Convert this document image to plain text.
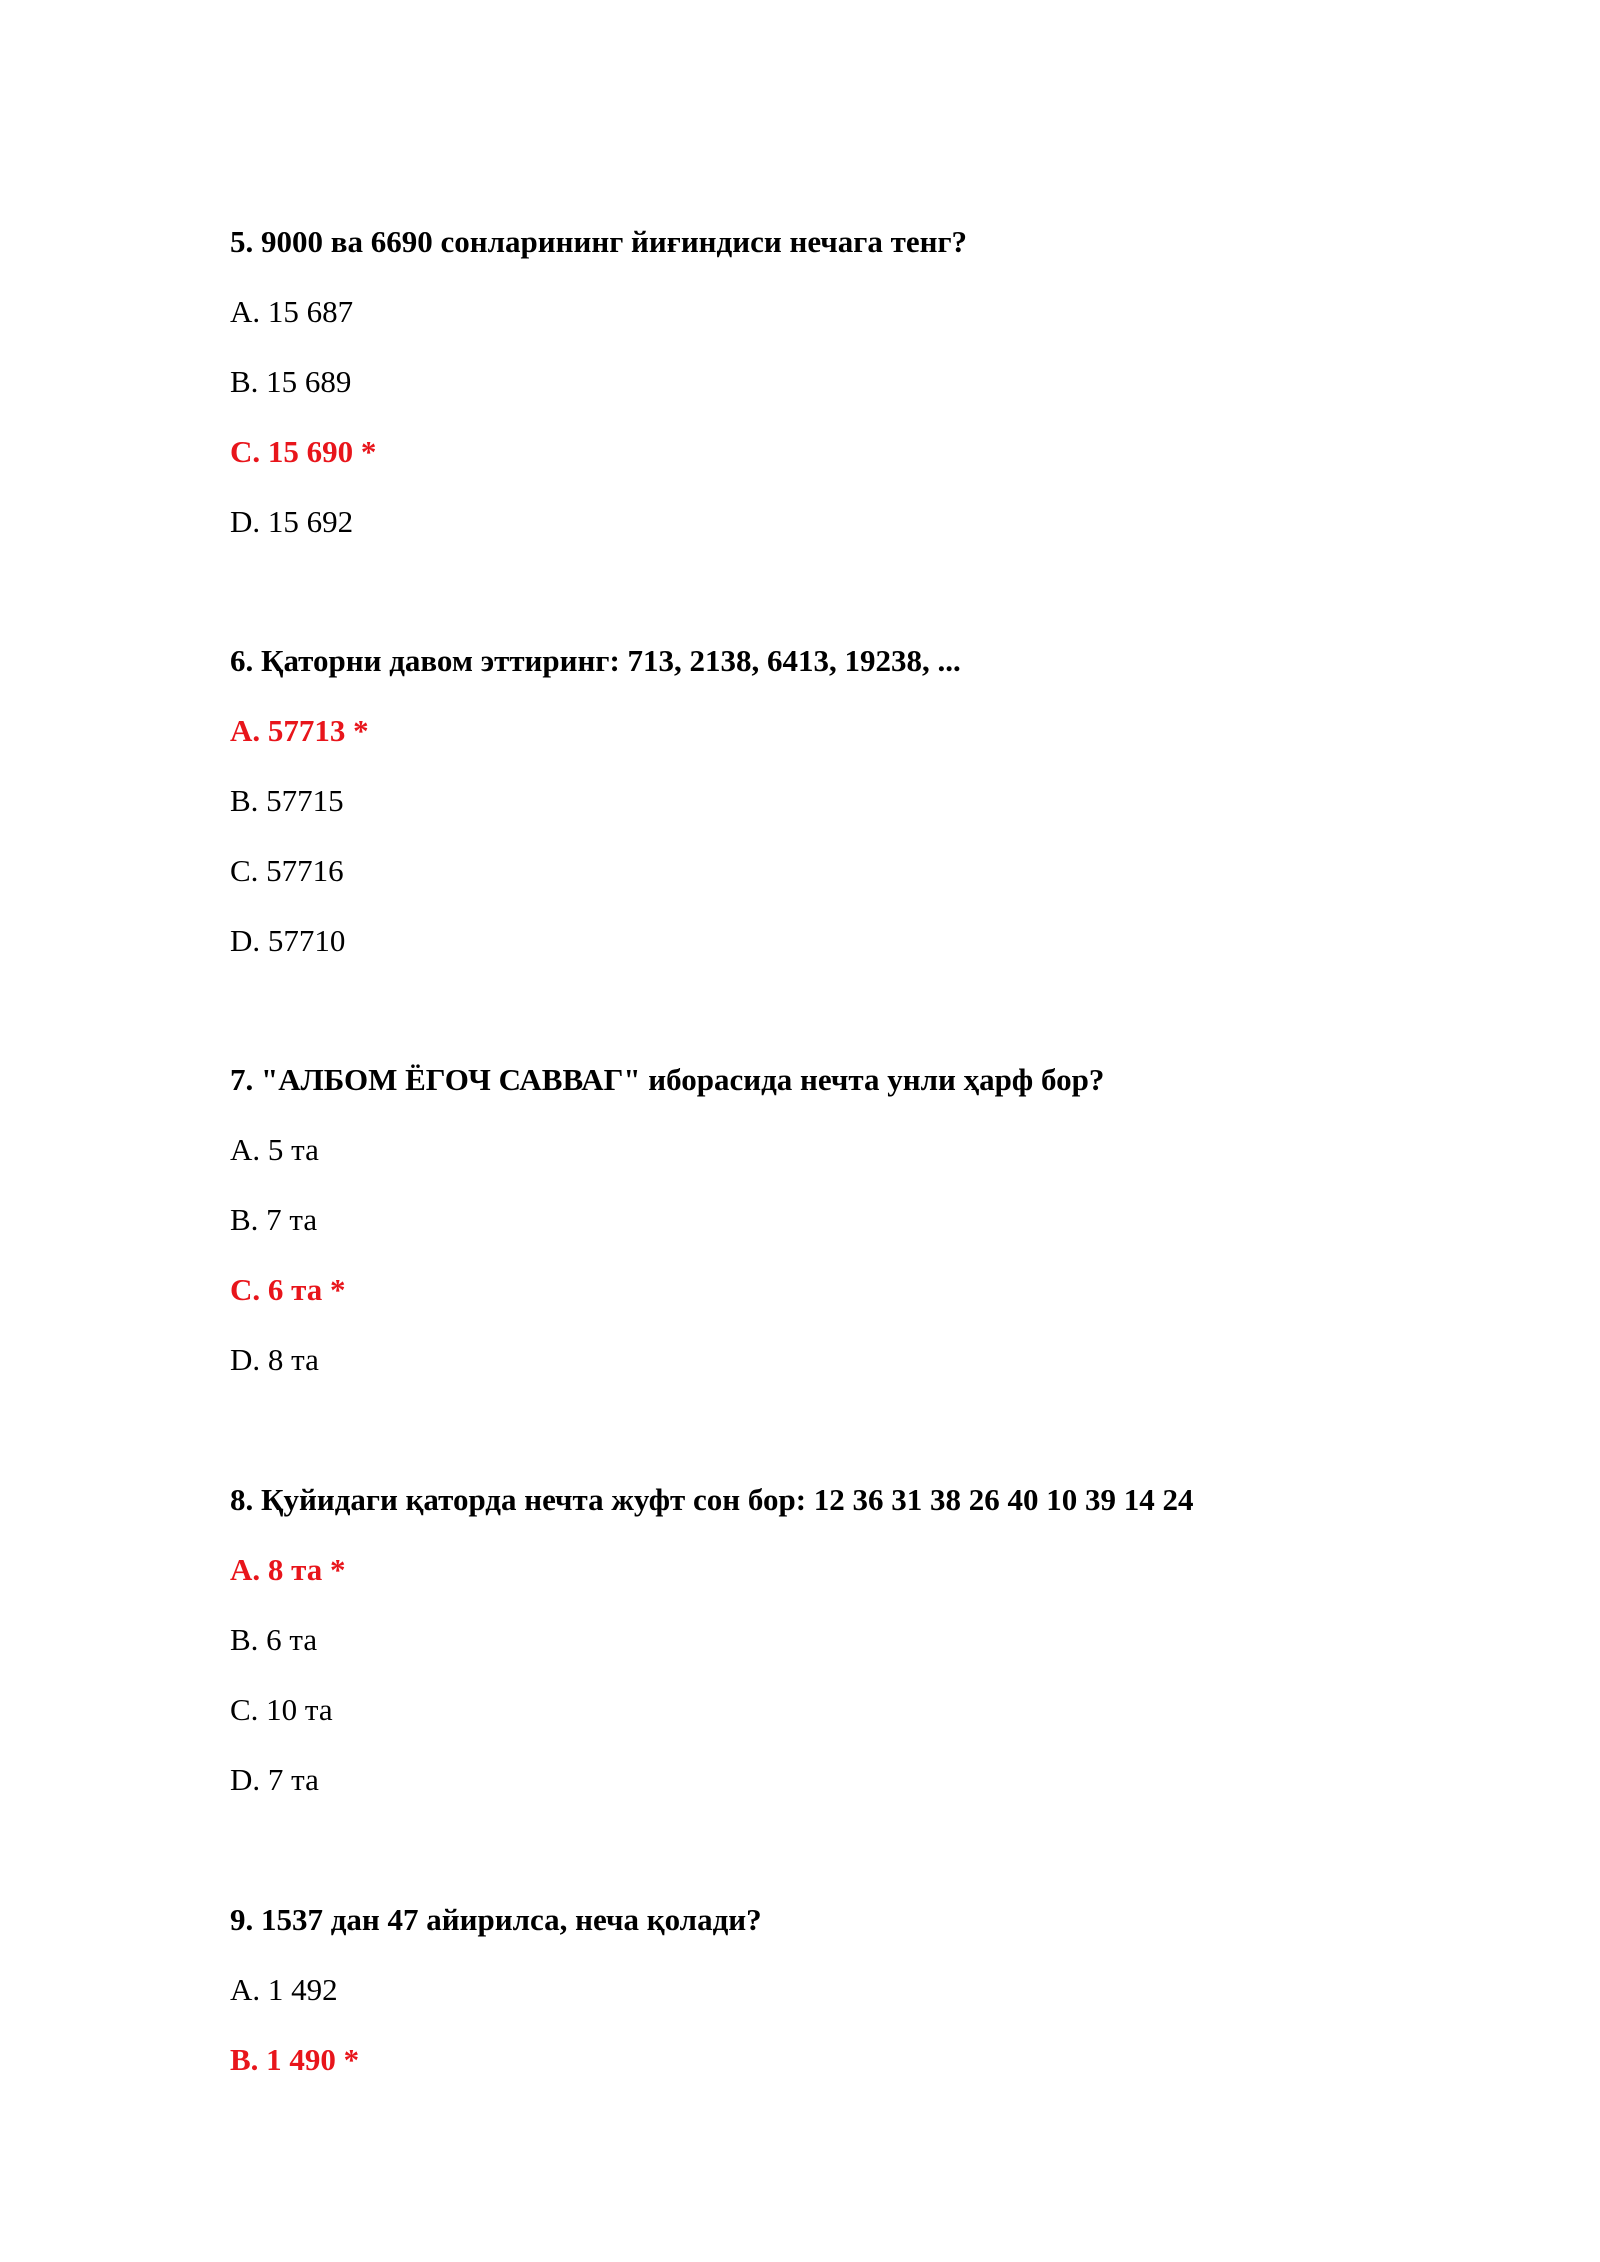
5. 9000 ва 6690 сонларининг йиғиндиси нечага тенг?
A. 15 687
B. 15 689
C. 15 690 *
D. 15 692
6. Қаторни давом эттиринг: 713, 2138, 6413, 19238, ...
A. 57713 *
B. 57715
C. 57716
D. 57710
7. "АЛБОМ ЁГОЧ САВВАГ" иборасида нечта унли ҳарф бор?
A. 5 та
B. 7 та
C. 6 та *
D. 8 та
8. Қуйидаги қаторда нечта жуфт сон бор: 12 36 31 38 26 40 10 39 14 24
A. 8 та *
B. 6 та
C. 10 та
D. 7 та
9. 1537 дан 47 айирилса, неча қолади?
A. 1 492
B. 1 490 *
